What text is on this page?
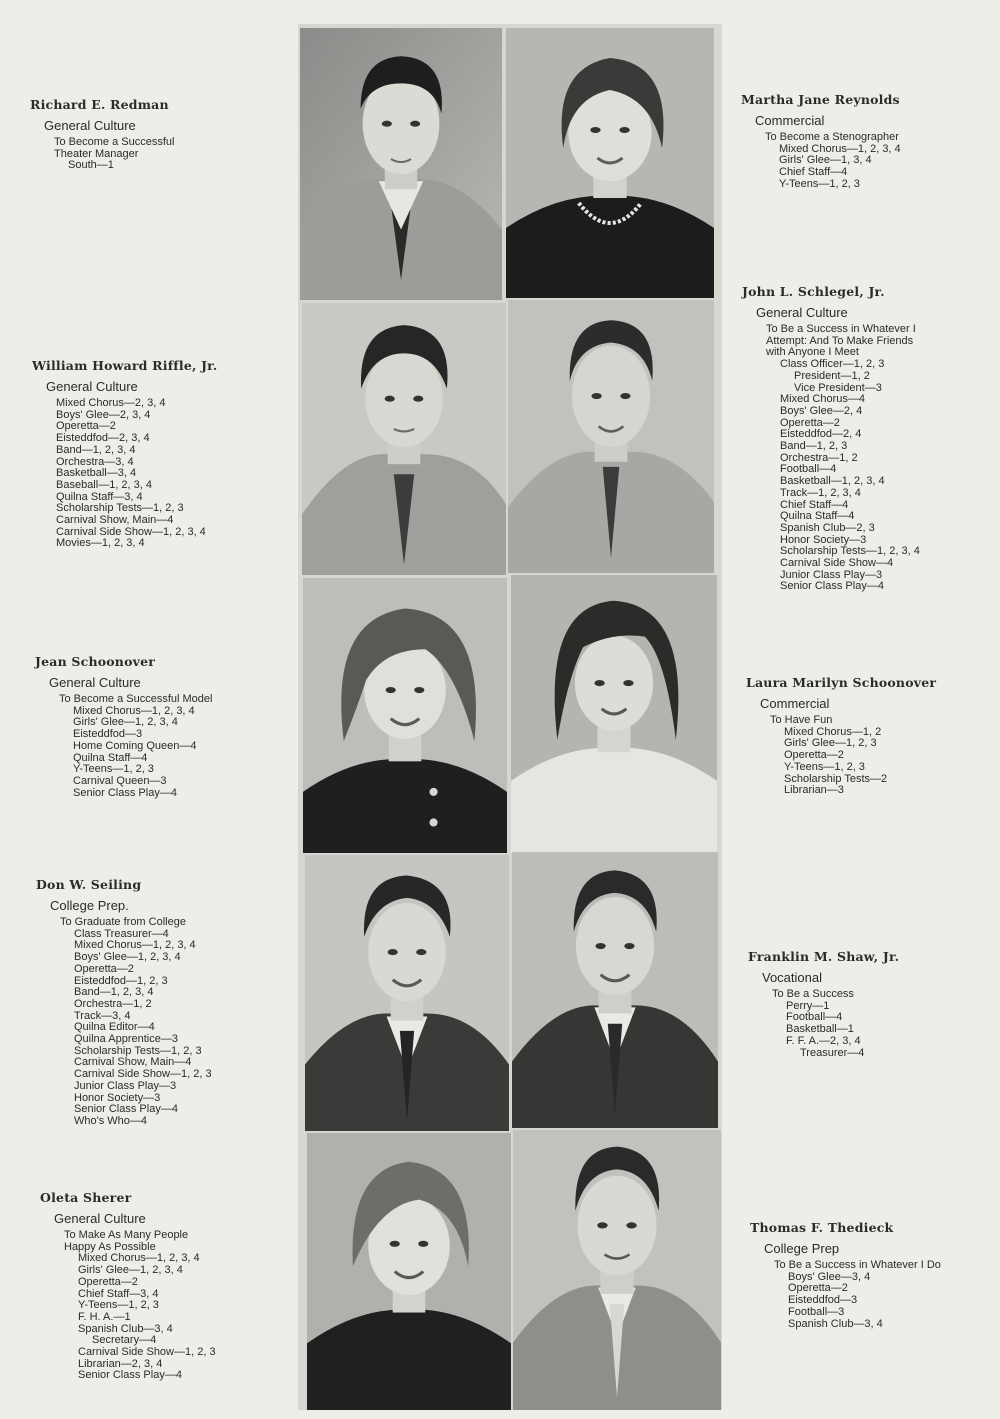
Richard E. Redman
General Culture
To Become a Successful
Theater Manager
South—1
Martha Jane Reynolds
Commercial
To Become a Stenographer
Mixed Chorus—1, 2, 3, 4
Girls' Glee—1, 3, 4
Chief Staff—4
Y-Teens—1, 2, 3
William Howard Riffle, Jr.
General Culture
Mixed Chorus—2, 3, 4
Boys' Glee—2, 3, 4
Operetta—2
Eisteddfod—2, 3, 4
Band—1, 2, 3, 4
Orchestra—3, 4
Basketball—3, 4
Baseball—1, 2, 3, 4
Quilna Staff—3, 4
Scholarship Tests—1, 2, 3
Carnival Show, Main—4
Carnival Side Show—1, 2, 3, 4
Movies—1, 2, 3, 4
John L. Schlegel, Jr.
General Culture
To Be a Success in Whatever I
Attempt: And To Make Friends
with Anyone I Meet
Class Officer—1, 2, 3
President—1, 2
Vice President—3
Mixed Chorus—4
Boys' Glee—2, 4
Operetta—2
Eisteddfod—2, 4
Band—1, 2, 3
Orchestra—1, 2
Football—4
Basketball—1, 2, 3, 4
Track—1, 2, 3, 4
Chief Staff—4
Quilna Staff—4
Spanish Club—2, 3
Honor Society—3
Scholarship Tests—1, 2, 3, 4
Carnival Side Show—4
Junior Class Play—3
Senior Class Play—4
Jean Schoonover
General Culture
To Become a Successful Model
Mixed Chorus—1, 2, 3, 4
Girls' Glee—1, 2, 3, 4
Eisteddfod—3
Home Coming Queen—4
Quilna Staff—4
Y-Teens—1, 2, 3
Carnival Queen—3
Senior Class Play—4
Laura Marilyn Schoonover
Commercial
To Have Fun
Mixed Chorus—1, 2
Girls' Glee—1, 2, 3
Operetta—2
Y-Teens—1, 2, 3
Scholarship Tests—2
Librarian—3
Don W. Seiling
College Prep.
To Graduate from College
Class Treasurer—4
Mixed Chorus—1, 2, 3, 4
Boys' Glee—1, 2, 3, 4
Operetta—2
Eisteddfod—1, 2, 3
Band—1, 2, 3, 4
Orchestra—1, 2
Track—3, 4
Quilna Editor—4
Quilna Apprentice—3
Scholarship Tests—1, 2, 3
Carnival Show, Main—4
Carnival Side Show—1, 2, 3
Junior Class Play—3
Honor Society—3
Senior Class Play—4
Who's Who—4
Franklin M. Shaw, Jr.
Vocational
To Be a Success
Perry—1
Football—4
Basketball—1
F. F. A.—2, 3, 4
Treasurer—4
Oleta Sherer
General Culture
To Make As Many People
Happy As Possible
Mixed Chorus—1, 2, 3, 4
Girls' Glee—1, 2, 3, 4
Operetta—2
Chief Staff—3, 4
Y-Teens—1, 2, 3
F. H. A.—1
Spanish Club—3, 4
Secretary—4
Carnival Side Show—1, 2, 3
Librarian—2, 3, 4
Senior Class Play—4
Thomas F. Thedieck
College Prep
To Be a Success in Whatever I Do
Boys' Glee—3, 4
Operetta—2
Eisteddfod—3
Football—3
Spanish Club—3, 4
